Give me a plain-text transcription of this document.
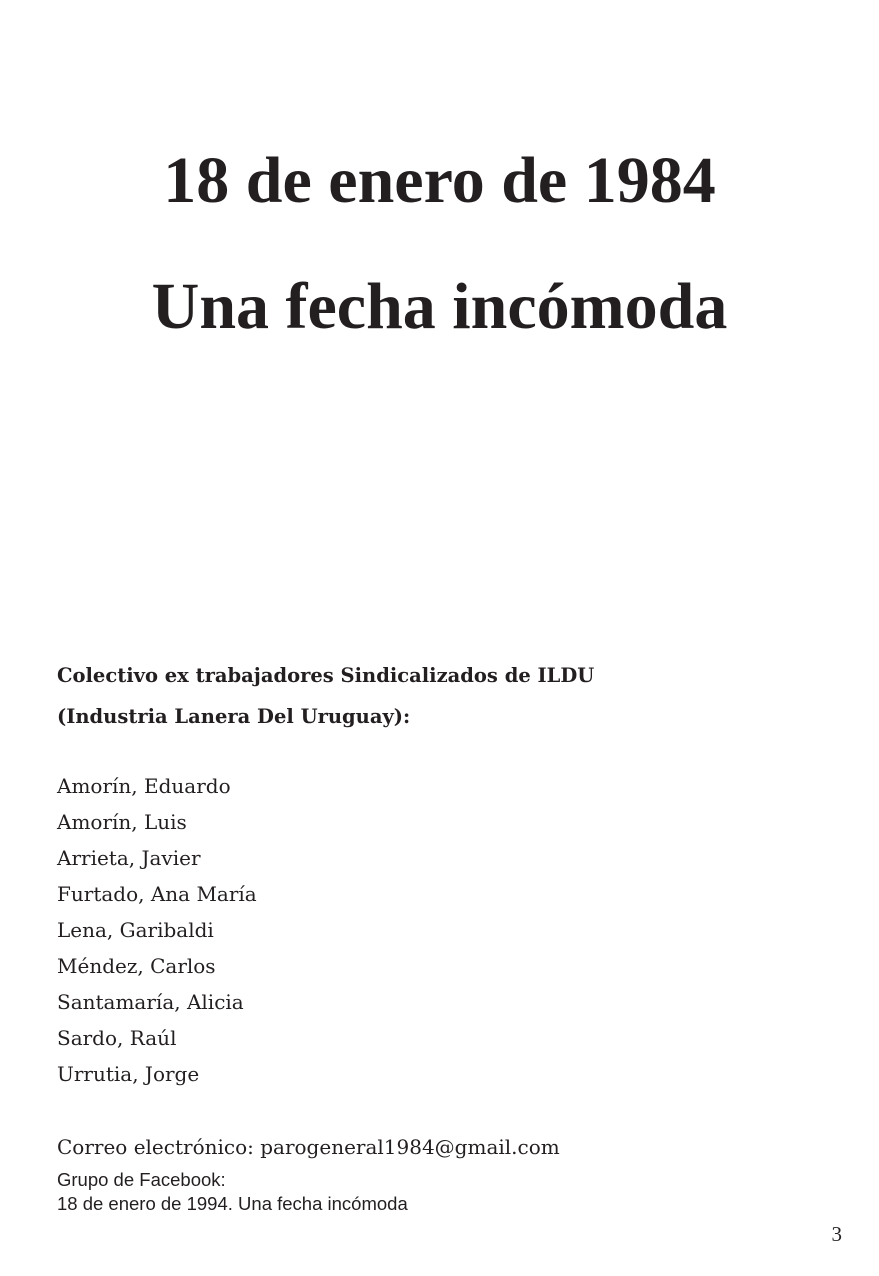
18 de enero de 1984
Una fecha incómoda

Colectivo ex trabajadores Sindicalizados de ILDU

(Industria Lanera Del Uruguay):

Amorín, Eduardo
Amorín, Luis
Arrieta, Javier
Furtado, Ana María
Lena, Garibaldi
Méndez, Carlos
Santamaría, Alicia
Sardo, Raúl
Urrutia, Jorge

Correo electrónico: parogeneral1984@gmail.com

Grupo de Facebook:

18 de enero de 1994. Una fecha incómoda

3
